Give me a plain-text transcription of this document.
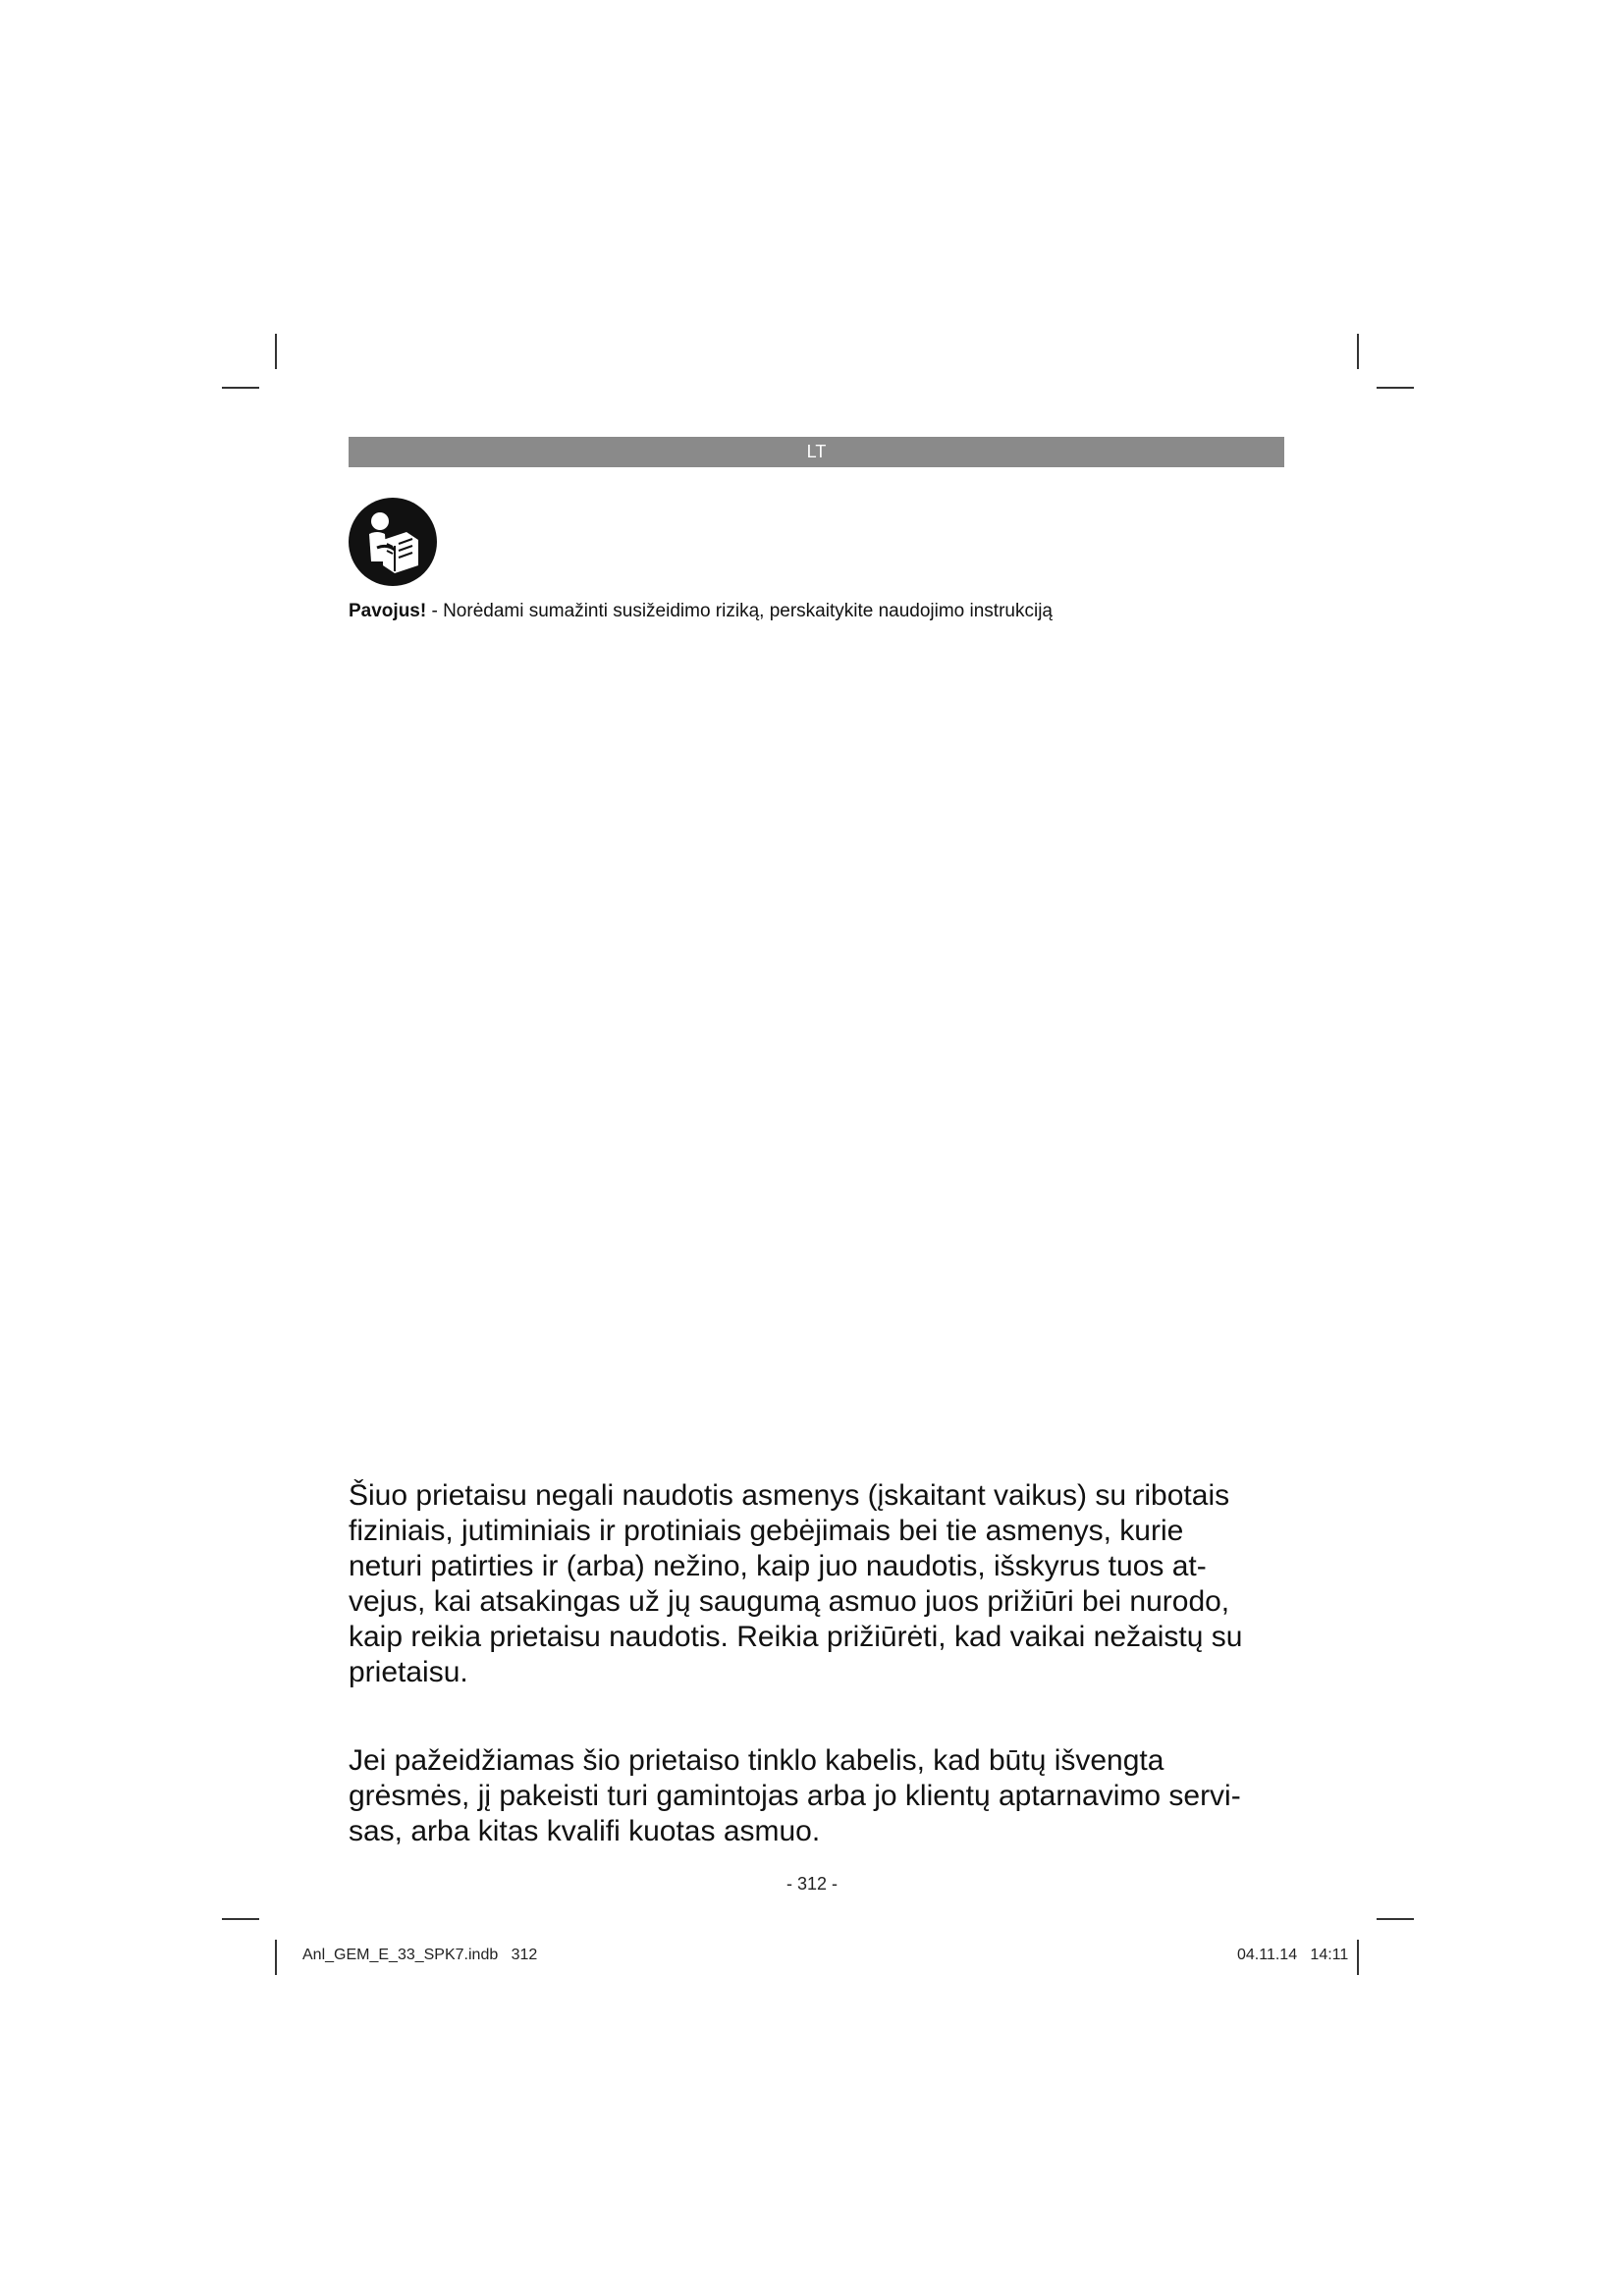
LT
Pavojus! - Norėdami sumažinti susižeidimo riziką, perskaitykite naudojimo instrukciją
Šiuo prietaisu negali naudotis asmenys (įskaitant vaikus) su ribotais
fiziniais, jutiminiais ir protiniais gebėjimais bei tie asmenys, kurie
neturi patirties ir (arba) nežino, kaip juo naudotis, išskyrus tuos at-
vejus, kai atsakingas už jų saugumą asmuo juos prižiūri bei nurodo,
kaip reikia prietaisu naudotis. Reikia prižiūrėti, kad vaikai nežaistų su
prietaisu.
Jei pažeidžiamas šio prietaiso tinklo kabelis, kad būtų išvengta
grėsmės, jį pakeisti turi gamintojas arba jo klientų aptarnavimo servi-
sas, arba kitas kvalifi kuotas asmuo.
- 312 -
Anl_GEM_E_33_SPK7.indb   312	04.11.14   14:11
